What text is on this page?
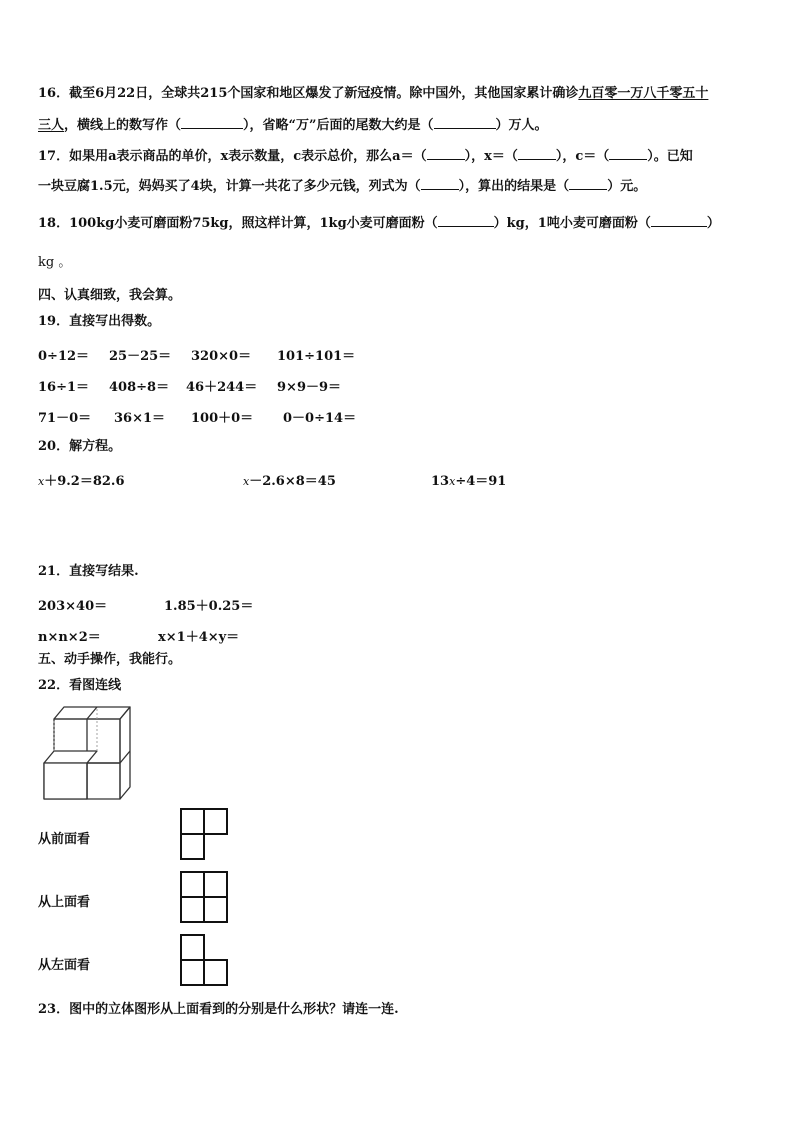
16．截至6月22日，全球共215个国家和地区爆发了新冠疫情。除中国外，其他国家累计确诊九百零一万八千零五十
三人，横线上的数写作（	），省略“万”后面的尾数大约是（	）万人。
17．如果用a表示商品的单价，x表示数量，c表示总价，那么a＝（	），x＝（	），c＝（	）。已知
一块豆腐1.5元，妈妈买了4块，计算一共花了多少元钱，列式为（	），算出的结果是（	）元。
18．100kg小麦可磨面粉75kg，照这样计算，1kg小麦可磨面粉（	）kg，1吨小麦可磨面粉（	）
kg 。
四、认真细致，我会算。
19．直接写出得数。
0÷12＝ 25－25＝ 320×0＝ 101÷101＝
16÷1＝ 408÷8＝ 46＋244＝ 9×9－9＝
71－0＝ 36×1＝ 100＋0＝ 0－0÷14＝
20．解方程。
x＋9.2＝82.6	x－2.6×8＝45	13x÷4＝91
21．直接写结果.
203×40＝	1.85＋0.25＝
n×n×2＝	x×1＋4×y＝
五、动手操作，我能行。
22．看图连线
从前面看
从上面看
从左面看
23．图中的立体图形从上面看到的分别是什么形状？请连一连.
